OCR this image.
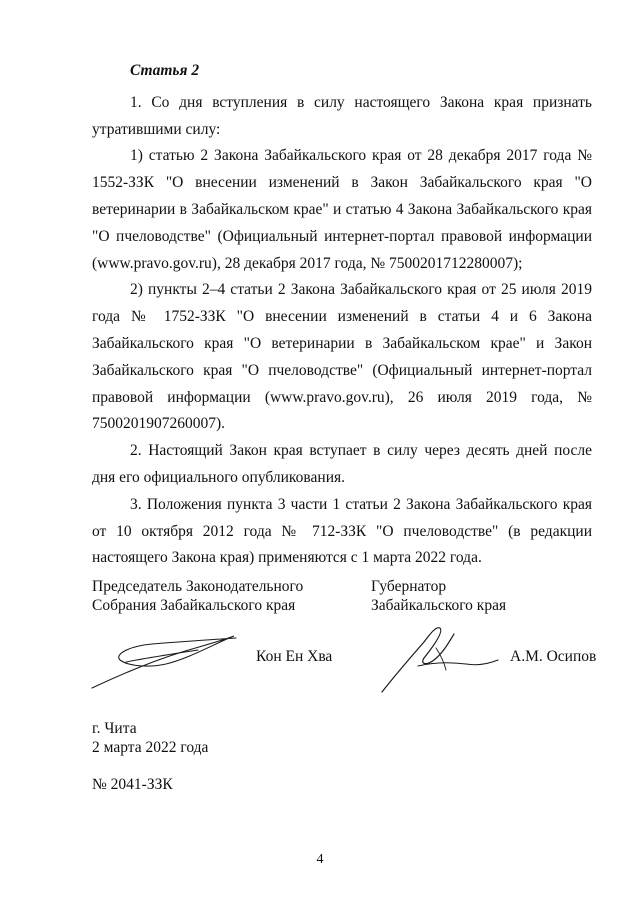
Статья 2

1. Со дня вступления в силу настоящего Закона края признать утратившими силу:

1) статью 2 Закона Забайкальского края от 28 декабря 2017 года № 1552-ЗЗК "О внесении изменений в Закон Забайкальского края "О ветеринарии в Забайкальском крае" и статью 4 Закона Забайкальского края "О пчеловодстве" (Официальный интернет-портал правовой информации (www.pravo.gov.ru), 28 декабря 2017 года, № 7500201712280007);

2) пункты 2–4 статьи 2 Закона Забайкальского края от 25 июля 2019 года № 1752-ЗЗК "О внесении изменений в статьи 4 и 6 Закона Забайкальского края "О ветеринарии в Забайкальском крае" и Закон Забайкальского края "О пчеловодстве" (Официальный интернет-портал правовой информации (www.pravo.gov.ru), 26 июля 2019 года, № 7500201907260007).

2. Настоящий Закон края вступает в силу через десять дней после дня его официального опубликования.

3. Положения пункта 3 части 1 статьи 2 Закона Забайкальского края от 10 октября 2012 года № 712-ЗЗК "О пчеловодстве" (в редакции настоящего Закона края) применяются с 1 марта 2022 года.

Председатель Законодательного
Собрания Забайкальского края
Кон Ен Хва
Губернатор
Забайкальского края
А.М. Осипов
г. Чита
2 марта 2022 года
№ 2041-ЗЗК
4
